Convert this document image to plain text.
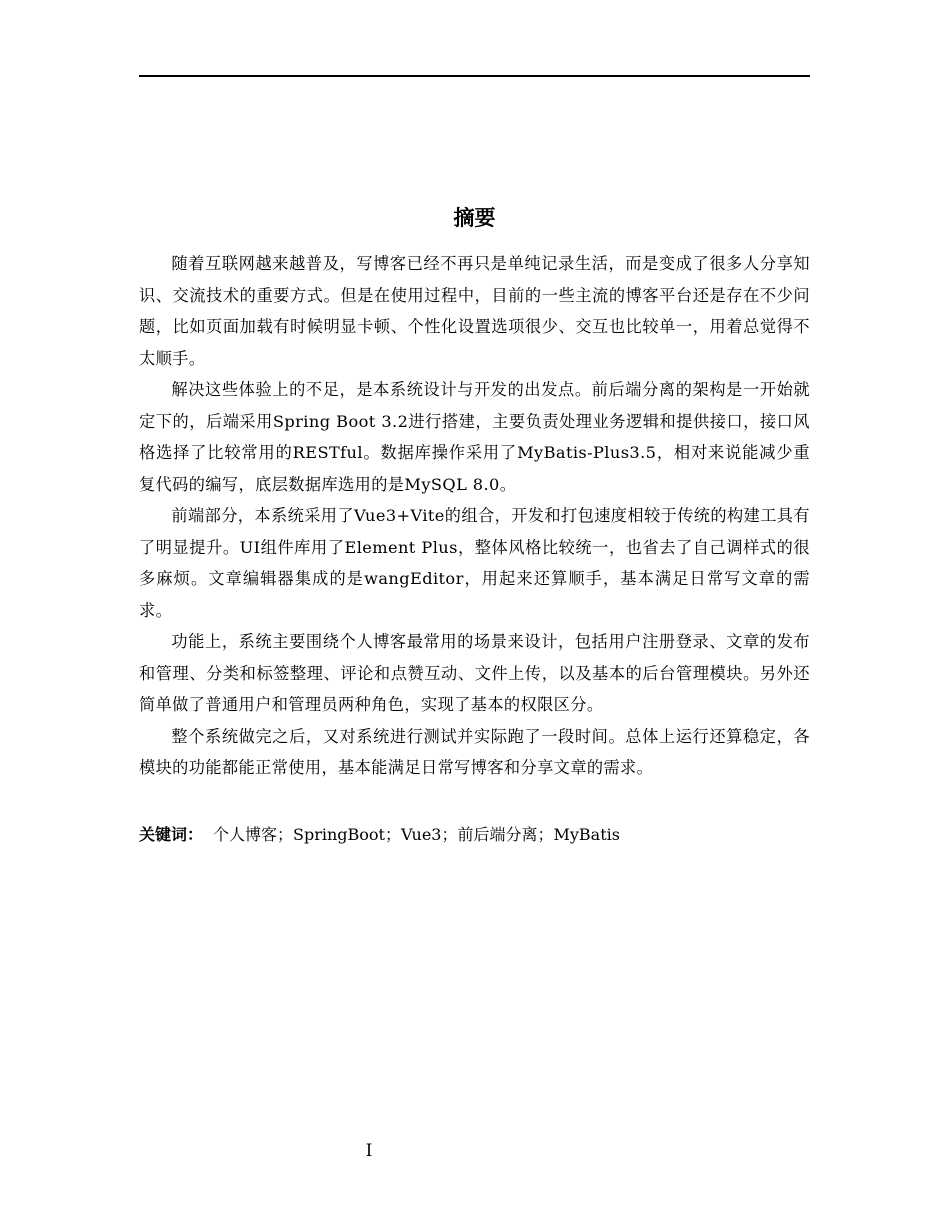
摘要

随着互联网越来越普及，写博客已经不再只是单纯记录生活，而是变成了很多人分享知识、交流技术的重要方式。但是在使用过程中，目前的一些主流的博客平台还是存在不少问题，比如页面加载有时候明显卡顿、个性化设置选项很少、交互也比较单一，用着总觉得不太顺手。

解决这些体验上的不足，是本系统设计与开发的出发点。前后端分离的架构是一开始就定下的，后端采用Spring Boot 3.2进行搭建，主要负责处理业务逻辑和提供接口，接口风格选择了比较常用的RESTful。数据库操作采用了MyBatis-Plus3.5，相对来说能减少重复代码的编写，底层数据库选用的是MySQL 8.0。

前端部分，本系统采用了Vue3+Vite的组合，开发和打包速度相较于传统的构建工具有了明显提升。UI组件库用了Element Plus，整体风格比较统一，也省去了自己调样式的很多麻烦。文章编辑器集成的是wangEditor，用起来还算顺手，基本满足日常写文章的需求。

功能上，系统主要围绕个人博客最常用的场景来设计，包括用户注册登录、文章的发布和管理、分类和标签整理、评论和点赞互动、文件上传，以及基本的后台管理模块。另外还简单做了普通用户和管理员两种角色，实现了基本的权限区分。

整个系统做完之后，又对系统进行测试并实际跑了一段时间。总体上运行还算稳定，各模块的功能都能正常使用，基本能满足日常写博客和分享文章的需求。

关键词： 个人博客；SpringBoot；Vue3；前后端分离；MyBatis
I
